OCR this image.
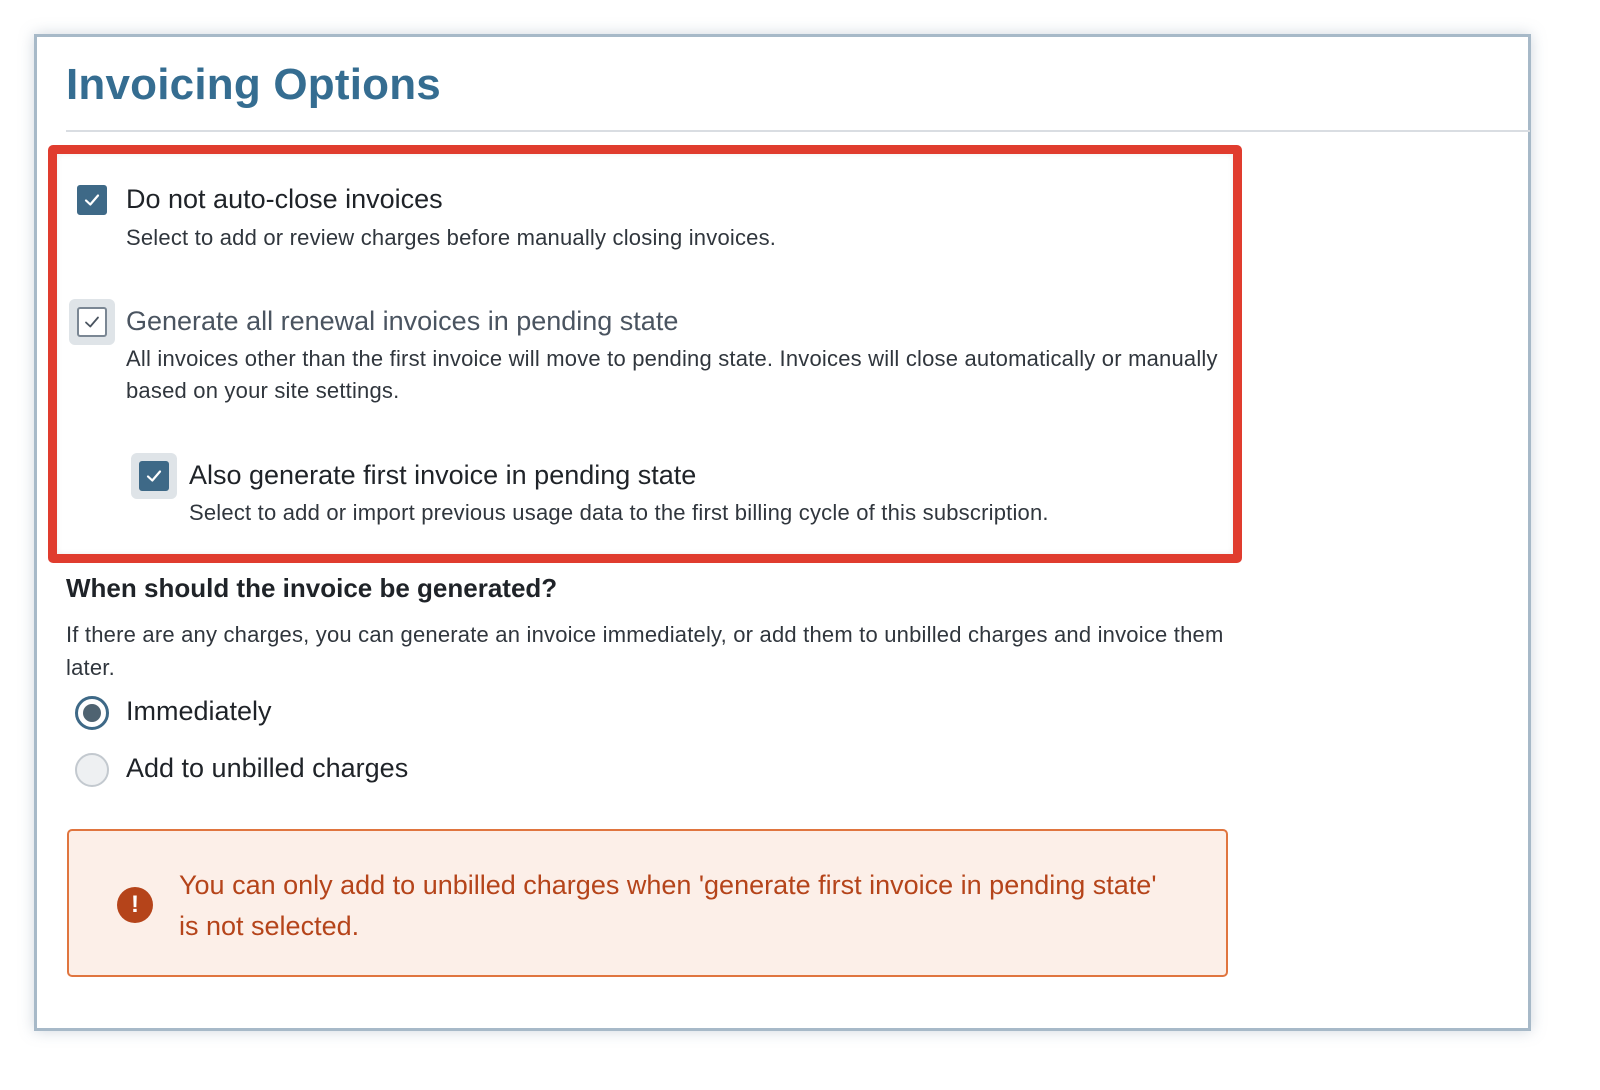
Invoicing Options

Do not auto-close invoices

Select to add or review charges before manually closing invoices.

Generate all renewal invoices in pending state

All invoices other than the first invoice will move to pending state. Invoices will close automatically or manually based on your site settings.

Also generate first invoice in pending state

Select to add or import previous usage data to the first billing cycle of this subscription.

When should the invoice be generated?

If there are any charges, you can generate an invoice immediately, or add them to unbilled charges and invoice them later.

Immediately

Add to unbilled charges

!

You can only add to unbilled charges when 'generate first invoice in pending state' is not selected.
